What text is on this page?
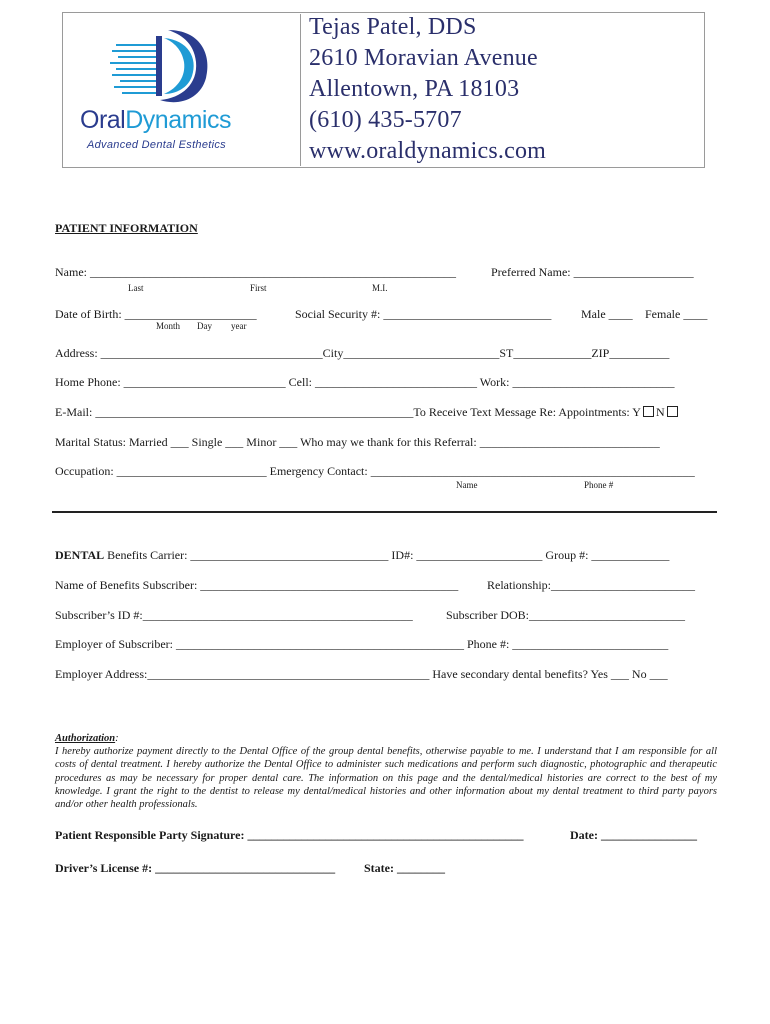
OralDynamics
Advanced Dental Esthetics
Tejas Patel, DDS
2610 Moravian Avenue
Allentown, PA 18103
(610) 435-5707
www.oraldynamics.com
PATIENT INFORMATION
Name: _____________________________________________________________	Preferred Name: ____________________
Last	First	M.I.
Date of Birth: ______________________	Social Security #: ____________________________ Male ____ Female ____
Month Day year
Address: _____________________________________City__________________________ST_____________ZIP__________
Home Phone: ___________________________ Cell: ___________________________ Work: ___________________________
E-Mail: _____________________________________________________To Receive Text Message Re: Appointments: Y N
Marital Status: Married ___ Single ___ Minor ___ Who may we thank for this Referral: ______________________________
Occupation: _________________________ Emergency Contact: ______________________________________________________
Name	Phone #
DENTAL Benefits Carrier: _________________________________ ID#: _____________________ Group #: _____________
Name of Benefits Subscriber: ___________________________________________ Relationship:________________________
Subscriber’s ID #:_____________________________________________	Subscriber DOB:__________________________
Employer of Subscriber: ________________________________________________ Phone #: __________________________
Employer Address:_______________________________________________ Have secondary dental benefits? Yes ___ No ___
Authorization:
I hereby authorize payment directly to the Dental Office of the group dental benefits, otherwise payable to me. I understand that I am responsible for all costs of dental treatment. I hereby authorize the Dental Office to administer such medications and perform such diagnostic, photographic and therapeutic procedures as may be necessary for proper dental care. The information on this page and the dental/medical histories are correct to the best of my knowledge. I grant the right to the dentist to release my dental/medical histories and other information about my dental treatment to third party payors and/or other health professionals.
Patient Responsible Party Signature: ______________________________________________	Date: ________________
Driver’s License #: ______________________________ State: ________
